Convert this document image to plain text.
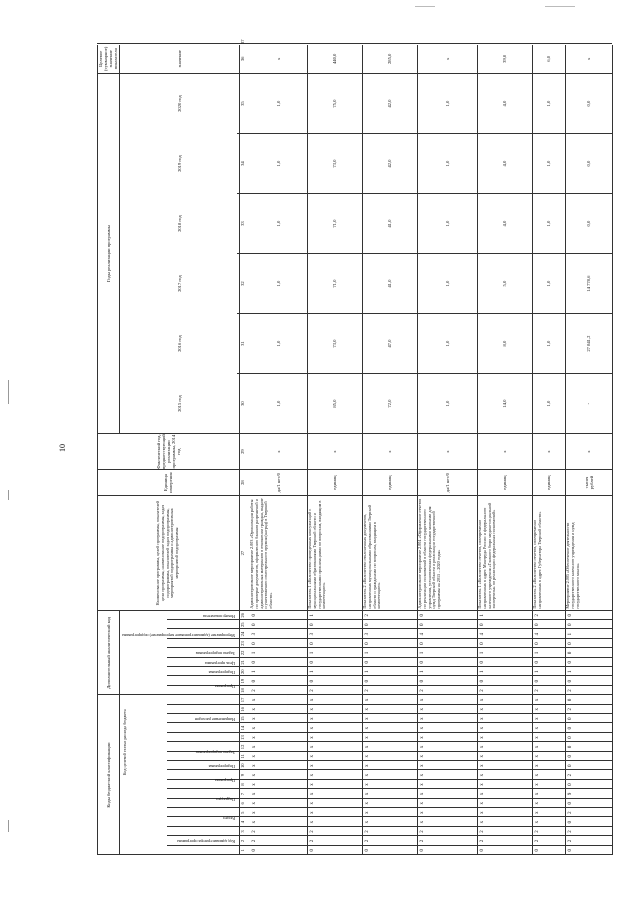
10
Коды бюджетной классификации
Дополнительный аналитический код
Наименование программы, целей программы, показателей цели программы, наименование подпрограммы, задач подпрограммы, показателей задач подпрограммы, мероприятий подпрограммы и административных мероприятий подпрограммы
Единица измерения
Фактический год, предшествующий реализации программы, 2014 год
Годы реализации программы
Целевое (суммарное) значение показателя	значение
2015 год
2016 год
2017 год
2018 год
2019 год
2020 год
Код администратора программы
Раздел
Подраздел
Программа
Подпрограмма
Задача подпрограммы
Направление расходов
Программа
Подпрограмма
Цель программы
Задача подпрограммы
Мероприятие (административное мероприятие) подпрограммы
Номер показателя
Код целевой статьи расхода бюджета
1
2
3
4
5
6
7
8
9
10
11
12
13
14
15
16
17
18
19
20
21
22
23
24
25
26
27
28
29
30
31
32
33
34
35
36
37
0
2
2
х
х
х
х
х
х
х
х
х
х
х
х
х
х
2
0
1
0
1
0
3
0
0
Административное мероприятие 2.003 «Организация работы по проверке документов, оформлению бланков разрешений и административных материалов в отношении граждан, выдаче и уничтожению огнестрельного оружия (наград) в Тверской области»
да/1 нет/0
х
1,0
1,0
1,0
1,0
1,0
1,0
х
0
2
2
х
х
х
х
х
х
х
х
х
х
х
х
х
х
2
0
1
0
1
0
3
0
1
Показатель 1 «Количество проведенных консультаций с муниципальными образованиями Тверской области и государственными организациями по вопросам, входящим в компетенцию»
единиц
х
85,0
73,0
71,0
71,0
73,0
75,0
440,0
0
2
2
х
х
х
х
х
х
х
х
х
х
х
х
х
х
2
0
1
0
1
0
3
0
2
Показатель 2 «Количество отклоненных документов, направленных муниципальными образованиями Тверской области и гражданами по вопросам, входящим в компетенцию»
единиц
х
72,0
47,0
41,0
41,0
42,0
42,0
285,0
0
2
2
х
х
х
х
х
х
х
х
х
х
х
х
х
х
2
0
1
0
1
0
4
0
0
Административное мероприятие 2.004 «Оформление отчетов по реализации полномочий в области государственного управления, установленных федеральными законами для нужд Тверской области и реализации государственной программы на 2015 – 2020 годы»
да/1 нет/0
х
1,0
1,0
1,0
1,0
1,0
1,0
х
0
2
2
х
х
х
х
х
х
х
х
х
х
х
х
х
х
2
0
1
0
1
0
4
0
1
Показатель 1 «Количество отчетов, своевременно направленных в адрес Минтруда России и федерального казенного учреждения «Главного бюро медико-социальной экспертизы» по реализации федеральных полномочий»
единиц
х
14,0
8,0
5,0
4,0
4,0
4,0
39,0
0
2
2
х
х
х
х
х
х
х
х
х
х
х
х
х
х
2
0
1
0
1
0
4
0
2
Показатель 2 «Количество отчетов, своевременно направленных в адрес Губернатора Тверской области»
единиц
х
1,0
1,0
1,0
1,0
1,0
1,0
6,0
0
2
2
0
2
0
9
0
2
0
0
0
0
0
0
2
0
2
0
1
0
0
0
1
0
0
Мероприятие 2.005 «Обеспечение деятельности государственного казенного учреждения и нужд государственного заказа»
тысяч рублей
х
-
27 841,2
14 778,6
0,0
0,0
0,0
х
